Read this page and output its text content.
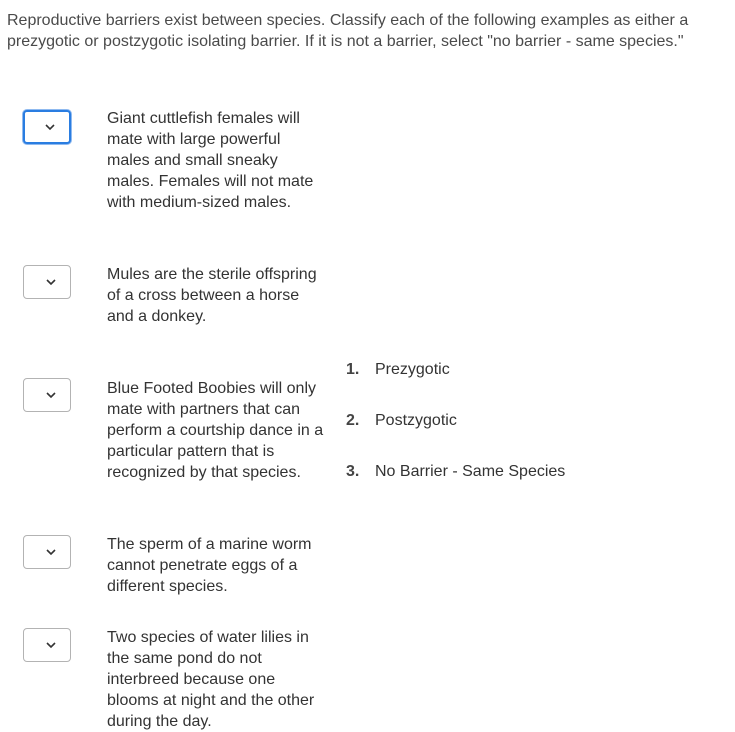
Reproductive barriers exist between species. Classify each of the following examples as either a prezygotic or postzygotic isolating barrier. If it is not a barrier, select "no barrier - same species."
Giant cuttlefish females will mate with large powerful males and small sneaky males. Females will not mate with medium-sized males.
Mules are the sterile offspring of a cross between a horse and a donkey.
Blue Footed Boobies will only mate with partners that can perform a courtship dance in a particular pattern that is recognized by that species.
The sperm of a marine worm cannot penetrate eggs of a different species.
Two species of water lilies in the same pond do not interbreed because one blooms at night and the other during the day.
1. Prezygotic
2. Postzygotic
3. No Barrier - Same Species
